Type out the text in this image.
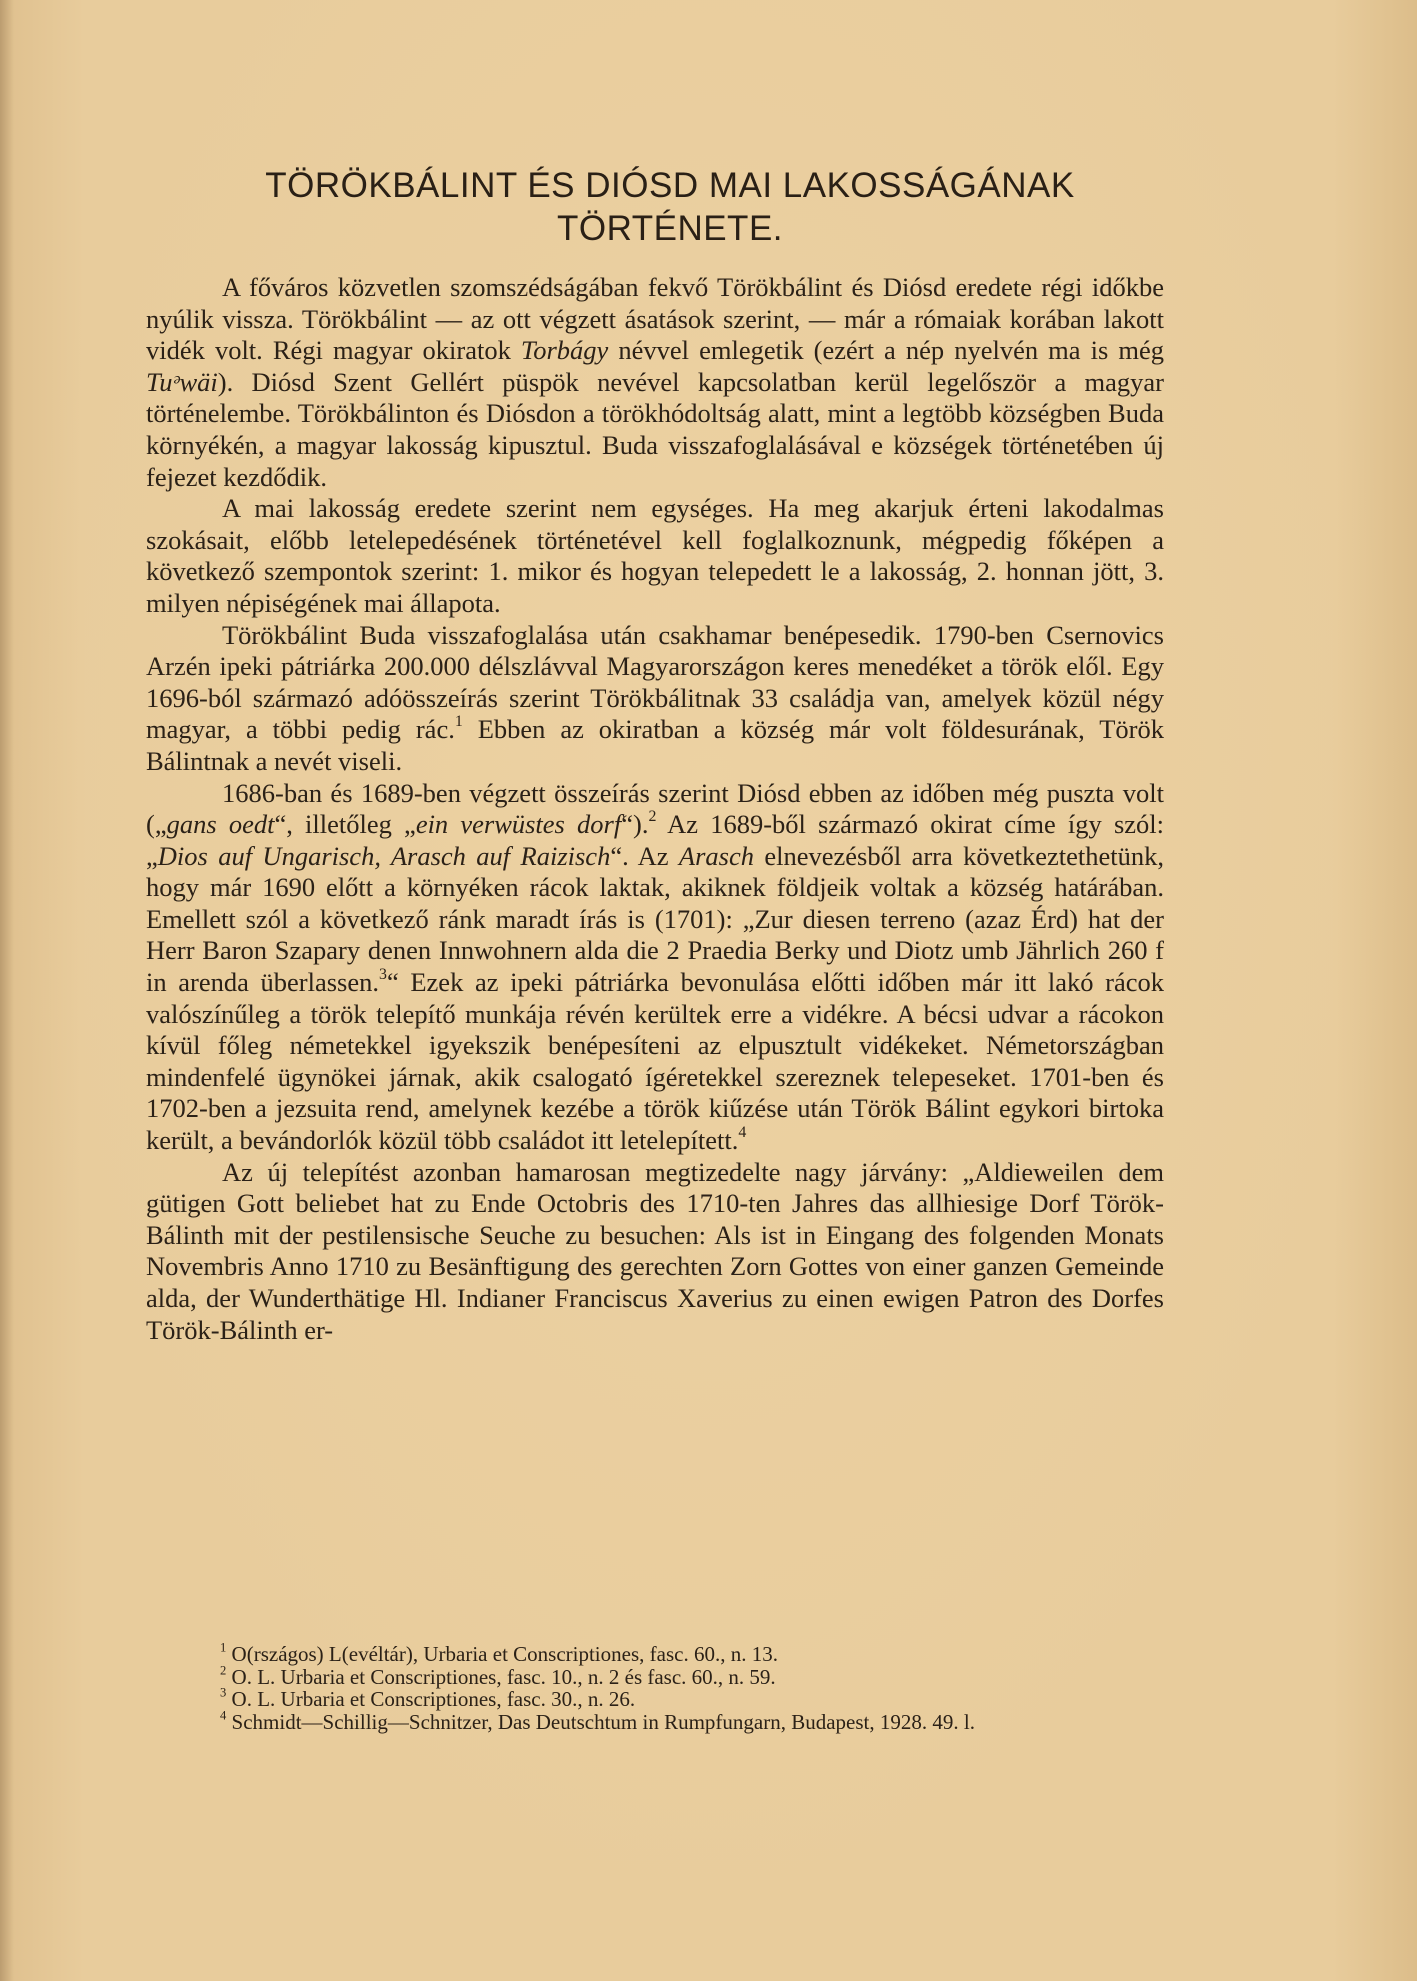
TÖRÖKBÁLINT ÉS DIÓSD MAI LAKOSSÁGÁNAK
TÖRTÉNETE.

A főváros közvetlen szomszédságában fekvő Törökbálint és Diósd eredete régi időkbe nyúlik vissza. Törökbálint — az ott végzett ásatások szerint, — már a rómaiak korában lakott vidék volt. Régi magyar okiratok Torbágy névvel emlegetik (ezért a nép nyelvén ma is még Tuᵊwäi). Diósd Szent Gellért püspök nevével kapcsolatban kerül legelőször a magyar történelembe. Törökbálinton és Diósdon a törökhódoltság alatt, mint a legtöbb községben Buda környékén, a magyar lakosság kipusztul. Buda visszafoglalásával e községek történetében új fejezet kezdődik.

A mai lakosság eredete szerint nem egységes. Ha meg akarjuk érteni lakodalmas szokásait, előbb letelepedésének történetével kell foglalkoznunk, mégpedig főképen a következő szempontok szerint: 1. mikor és hogyan telepedett le a lakosság, 2. honnan jött, 3. milyen népiségének mai állapota.

Törökbálint Buda visszafoglalása után csakhamar benépesedik. 1790-ben Csernovics Arzén ipeki pátriárka 200.000 délszlávval Magyarországon keres menedéket a török elől. Egy 1696-ból származó adóösszeírás szerint Törökbálitnak 33 családja van, amelyek közül négy magyar, a többi pedig rác.$^1$ Ebben az okiratban a község már volt földesurának, Török Bálintnak a nevét viseli.

1686-ban és 1689-ben végzett összeírás szerint Diósd ebben az időben még puszta volt („gans oedt“, illetőleg „ein verwüstes dorf“).$^2$ Az 1689-ből származó okirat címe így szól: „Dios auf Ungarisch, Arasch auf Raizisch“. Az Arasch elnevezésből arra következtethetünk, hogy már 1690 előtt a környéken rácok laktak, akiknek földjeik voltak a község határában. Emellett szól a következő ránk maradt írás is (1701): „Zur diesen terreno (azaz Érd) hat der Herr Baron Szapary denen Innwohnern alda die 2 Praedia Berky und Diotz umb Jährlich 260 f in arenda überlassen.$^3$“ Ezek az ipeki pátriárka bevonulása előtti időben már itt lakó rácok valószínűleg a török telepítő munkája révén kerültek erre a vidékre. A bécsi udvar a rácokon kívül főleg németekkel igyekszik benépesíteni az elpusztult vidékeket. Németországban mindenfelé ügynökei járnak, akik csalogató ígéretekkel szereznek telepeseket. 1701-ben és 1702-ben a jezsuita rend, amelynek kezébe a török kiűzése után Török Bálint egykori birtoka került, a bevándorlók közül több családot itt letelepített.$^4$

Az új telepítést azonban hamarosan megtizedelte nagy járvány: „Aldieweilen dem gütigen Gott beliebet hat zu Ende Octobris des 1710-ten Jahres das allhiesige Dorf Török-Bálinth mit der pestilensische Seuche zu besuchen: Als ist in Eingang des folgenden Monats Novembris Anno 1710 zu Besänftigung des gerechten Zorn Gottes von einer ganzen Gemeinde alda, der Wunderthätige Hl. Indianer Franciscus Xaverius zu einen ewigen Patron des Dorfes Török-Bálinth er-

$^1$ O(rszágos) L(evéltár), Urbaria et Conscriptiones, fasc. 60., n. 13.
$^2$ O. L. Urbaria et Conscriptiones, fasc. 10., n. 2 és fasc. 60., n. 59.
$^3$ O. L. Urbaria et Conscriptiones, fasc. 30., n. 26.
$^4$ Schmidt—Schillig—Schnitzer, Das Deutschtum in Rumpfungarn, Budapest, 1928. 49. l.
